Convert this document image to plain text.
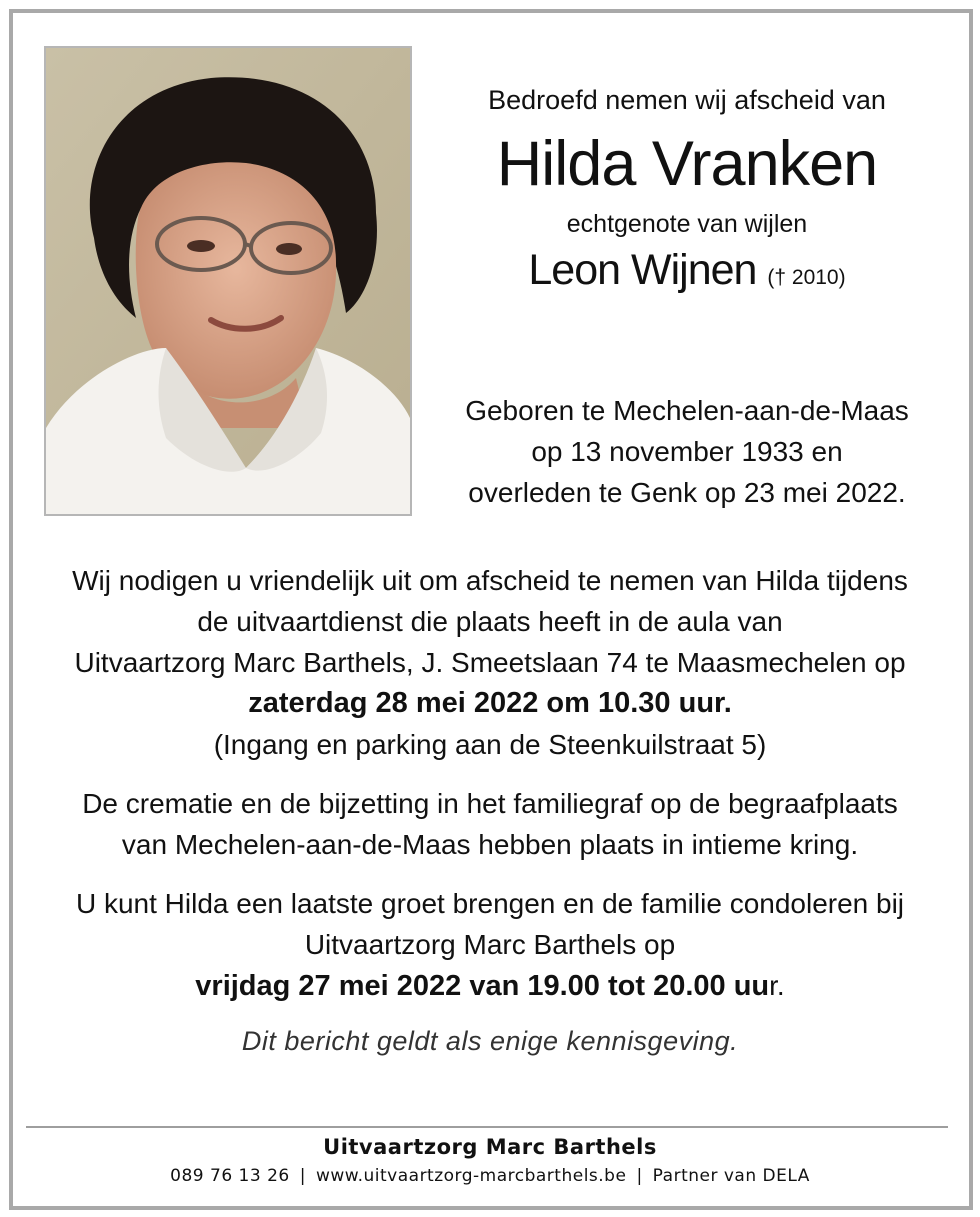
Bedroefd nemen wij afscheid van

Hilda Vranken

echtgenote van wijlen

Leon Wijnen († 2010)

Geboren te Mechelen-aan-de-Maas
op 13 november 1933 en
overleden te Genk op 23 mei 2022.
Wij nodigen u vriendelijk uit om afscheid te nemen van Hilda tijdens
de uitvaartdienst die plaats heeft in de aula van
Uitvaartzorg Marc Barthels, J. Smeetslaan 74 te Maasmechelen op
zaterdag 28 mei 2022 om 10.30 uur.
(Ingang en parking aan de Steenkuilstraat 5)
De crematie en de bijzetting in het familiegraf op de begraafplaats
van Mechelen-aan-de-Maas hebben plaats in intieme kring.
U kunt Hilda een laatste groet brengen en de familie condoleren bij
Uitvaartzorg Marc Barthels op
vrijdag 27 mei 2022 van 19.00 tot 20.00 uur.
Dit bericht geldt als enige kennisgeving.
Uitvaartzorg Marc Barthels
089 76 13 26 | www.uitvaartzorg-marcbarthels.be | Partner van DELA
